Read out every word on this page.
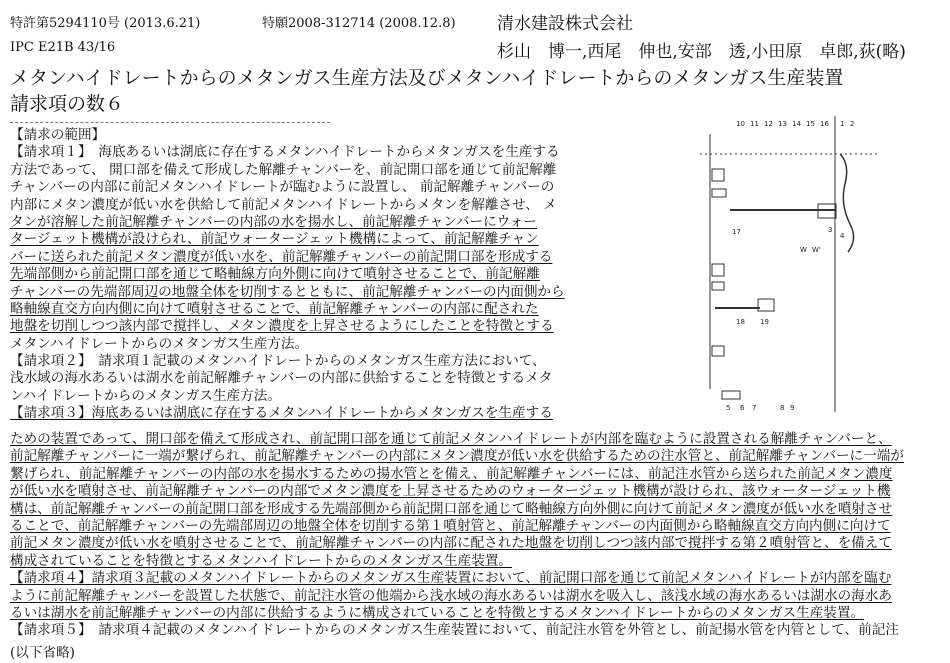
特許第5294110号 (2013.6.21)	特願2008-312714 (2008.12.8) 清水建設株式会社
IPC E21B 43/16	杉山　博一,西尾　伸也,安部　透,小田原　卓郎,荻(略)
メタンハイドレートからのメタンガス生産方法及びメタンハイドレートからのメタンガス生産装置
請求項の数６
【請求の範囲】
【請求項１】　海底あるいは湖底に存在するメタンハイドレートからメタンガスを生産する
方法であって、 開口部を備えて形成した解離チャンバーを、前記開口部を通じて前記解離
チャンバーの内部に前記メタンハイドレートが臨むように設置し、 前記解離チャンバーの
内部にメタン濃度が低い水を供給して前記メタンハイドレートからメタンを解離させ、 メ
タンが溶解した前記解離チャンバーの内部の水を揚水し、前記解離チャンバーにウォー
タージェット機構が設けられ、前記ウォータージェット機構によって、前記解離チャン
バーに送られた前記メタン濃度が低い水を、前記解離チャンバーの前記開口部を形成する
先端部側から前記開口部を通じて略軸線方向外側に向けて噴射させることで、前記解離
チャンバーの先端部周辺の地盤全体を切削するとともに、前記解離チャンバーの内面側から
略軸線直交方向内側に向けて噴射させることで、前記解離チャンバーの内部に配された
地盤を切削しつつ該内部で撹拌し、メタン濃度を上昇させるようにしたことを特徴とする
メタンハイドレートからのメタンガス生産方法。
【請求項２】　請求項１記載のメタンハイドレートからのメタンガス生産方法において、
浅水域の海水あるいは湖水を前記解離チャンバーの内部に供給することを特徴とするメタ
ンハイドレートからのメタンガス生産方法。
【請求項３】海底あるいは湖底に存在するメタンハイドレートからメタンガスを生産する
10 11 12 13 14 15 16
17
18 19
1 2
3
4
5 6 7	8 9
W W'
ための装置であって、開口部を備えて形成され、前記開口部を通じて前記メタンハイドレートが内部を臨むように設置される解離チャンバーと、
前記解離チャンバーに一端が繋げられ、前記解離チャンバーの内部にメタン濃度が低い水を供給するための注水管と、前記解離チャンバーに一端が
繋げられ、前記解離チャンバーの内部の水を揚水するための揚水管とを備え、前記解離チャンバーには、前記注水管から送られた前記メタン濃度
が低い水を噴射させ、前記解離チャンバーの内部でメタン濃度を上昇させるためのウォータージェット機構が設けられ、該ウォータージェット機
構は、前記解離チャンバーの前記開口部を形成する先端部側から前記開口部を通じて略軸線方向外側に向けて前記メタン濃度が低い水を噴射させ
ることで、前記解離チャンバーの先端部周辺の地盤全体を切削する第１噴射管と、前記解離チャンバーの内面側から略軸線直交方向内側に向けて
前記メタン濃度が低い水を噴射させることで、前記解離チャンバーの内部に配された地盤を切削しつつ該内部で撹拌する第２噴射管と、を備えて
構成されていることを特徴とするメタンハイドレートからのメタンガス生産装置。
【請求項４】請求項３記載のメタンハイドレートからのメタンガス生産装置において、前記開口部を通じて前記メタンハイドレートが内部を臨む
ように前記解離チャンバーを設置した状態で、前記注水管の他端から浅水域の海水あるいは湖水を吸入し、該浅水域の海水あるいは湖水の海水あ
るいは湖水を前記解離チャンバーの内部に供給するように構成されていることを特徴とするメタンハイドレートからのメタンガス生産装置。
【請求項５】　請求項４記載のメタンハイドレートからのメタンガス生産装置において、前記注水管を外管とし、前記揚水管を内管として、前記注
(以下省略)
